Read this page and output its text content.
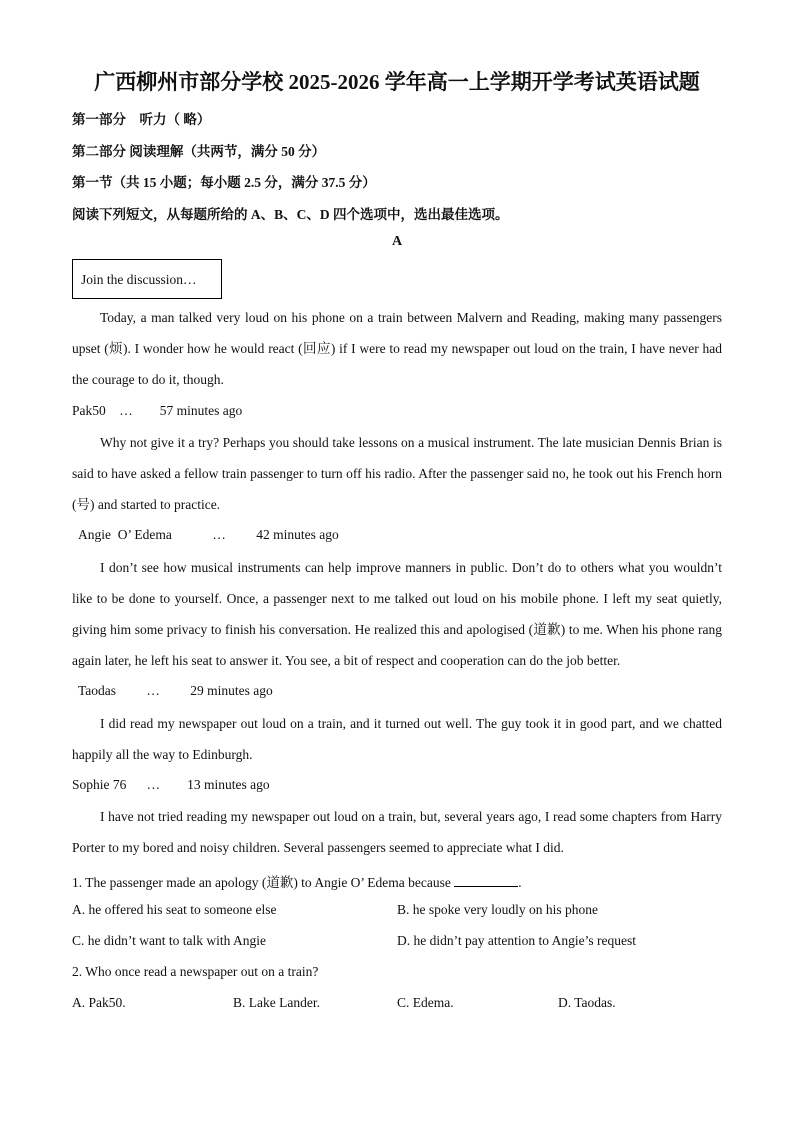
广西柳州市部分学校 2025-2026 学年高一上学期开学考试英语试题
第一部分　听力（ 略）
第二部分 阅读理解（共两节，满分 50 分）
第一节（共 15 小题；每小题 2.5 分，满分 37.5 分）
阅读下列短文，从每题所给的 A、B、C、D 四个选项中，选出最佳选项。
A
Join the discussion…
Today, a man talked very loud on his phone on a train between Malvern and Reading, making many passengers upset (烦). I wonder how he would react (回应) if I were to read my newspaper out loud on the train, I have never had the courage to do it, though.
Pak50    …        57 minutes ago
Why not give it a try? Perhaps you should take lessons on a musical instrument. The late musician Dennis Brian is said to have asked a fellow train passenger to turn off his radio. After the passenger said no, he took out his French horn (号) and started to practice.
Angie  O’ Edema            …         42 minutes ago
I don’t see how musical instruments can help improve manners in public. Don’t do to others what you wouldn’t like to be done to yourself. Once, a passenger next to me talked out loud on his mobile phone. I left my seat quietly, giving him some privacy to finish his conversation. He realized this and apologised (道歉) to me. When his phone rang again later, he left his seat to answer it. You see, a bit of respect and cooperation can do the job better.
Taodas         …         29 minutes ago
I did read my newspaper out loud on a train, and it turned out well. The guy took it in good part, and we chatted happily all the way to Edinburgh.
Sophie 76      …        13 minutes ago
I have not tried reading my newspaper out loud on a train, but, several years ago, I read some chapters from Harry Porter to my bored and noisy children. Several passengers seemed to appreciate what I did.
1. The passenger made an apology (道歉) to Angie O’ Edema because	.
A. he offered his seat to someone else	B. he spoke very loudly on his phone
C. he didn’t want to talk with Angie	D. he didn’t pay attention to Angie’s request
2. Who once read a newspaper out on a train?
A. Pak50.	B. Lake Lander.	C. Edema.	D. Taodas.
